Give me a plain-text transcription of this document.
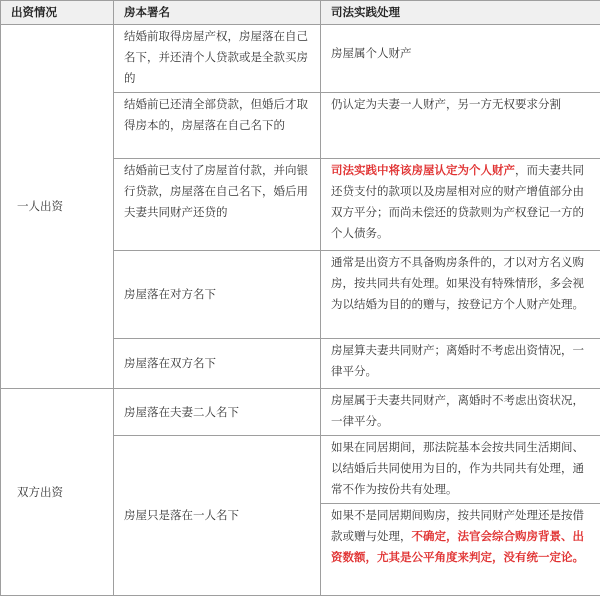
出资情况	房本署名	司法实践处理
一人出资	结婚前取得房屋产权，房屋落在自己名下，并还清个人贷款或是全款买房的	房屋属个人财产
	结婚前已还清全部贷款，但婚后才取得房本的，房屋落在自己名下的	仍认定为夫妻一人财产，另一方无权要求分割
	结婚前已支付了房屋首付款，并向银行贷款，房屋落在自己名下，婚后用夫妻共同财产还贷的	司法实践中将该房屋认定为个人财产，而夫妻共同还贷支付的款项以及房屋相对应的财产增值部分由双方平分；而尚未偿还的贷款则为产权登记一方的个人债务。
	房屋落在对方名下	通常是出资方不具备购房条件的，才以对方名义购房，按共同共有处理。如果没有特殊情形，多会视为以结婚为目的的赠与，按登记方个人财产处理。
	房屋落在双方名下	房屋算夫妻共同财产；离婚时不考虑出资情况，一律平分。
双方出资	房屋落在夫妻二人名下	房屋属于夫妻共同财产，离婚时不考虑出资状况，一律平分。
	房屋只是落在一人名下	如果在同居期间，那法院基本会按共同生活期间、 以结婚后共同使用为目的，作为共同共有处理，通常不作为按份共有处理。
		如果不是同居期间购房，按共同财产处理还是按借款或赠与处理，不确定，法官会综合购房背景、出资数额，尤其是公平角度来判定，没有统一定论。
